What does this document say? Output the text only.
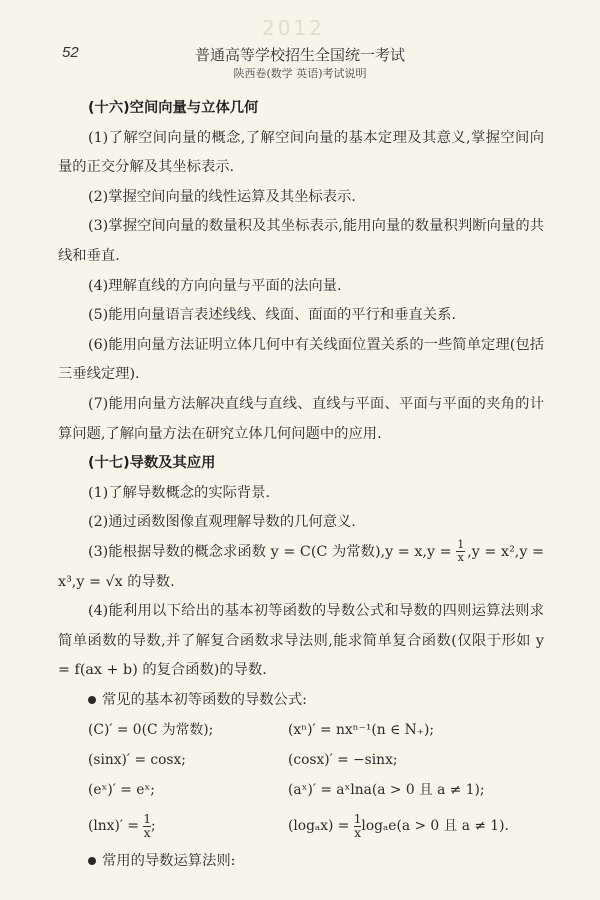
2012
52	普通高等学校招生全国统一考试
陕西卷(数学 英语)考试说明
(十六)空间向量与立体几何
(1)了解空间向量的概念,了解空间向量的基本定理及其意义,掌握空间向量的正交分解及其坐标表示.
(2)掌握空间向量的线性运算及其坐标表示.
(3)掌握空间向量的数量积及其坐标表示,能用向量的数量积判断向量的共线和垂直.
(4)理解直线的方向向量与平面的法向量.
(5)能用向量语言表述线线、线面、面面的平行和垂直关系.
(6)能用向量方法证明立体几何中有关线面位置关系的一些简单定理(包括三垂线定理).
(7)能用向量方法解决直线与直线、直线与平面、平面与平面的夹角的计算问题,了解向量方法在研究立体几何问题中的应用.
(十七)导数及其应用
(1)了解导数概念的实际背景.
(2)通过函数图像直观理解导数的几何意义.
(3)能根据导数的概念求函数 y = C(C 为常数)$,y = x,y = \frac{1}{x} ,y = x^2,y = x^3,y = √x$ 的导数.
(4)能利用以下给出的基本初等函数的导数公式和导数的四则运算法则求简单函数的导数,并了解复合函数求导法则,能求简单复合函数(仅限于形如 y = f(ax + b) 的复合函数)的导数.
常见的基本初等函数的导数公式:
(C)′ = 0(C 为常数);	(xⁿ)′ = nxⁿ⁻¹(n ∈ N₊);
(sinx)′ = cosx;	(cosx)′ = −sinx;
(eˣ)′ = eˣ;	(aˣ)′ = aˣlna(a > 0 且 a ≠ 1);
$(\ln x)' = \frac{1}{x}$ ;	$(\log_ax) = \frac{1}{x} \log_ae(a > 0$ 且 a ≠ 1).
常用的导数运算法则:
